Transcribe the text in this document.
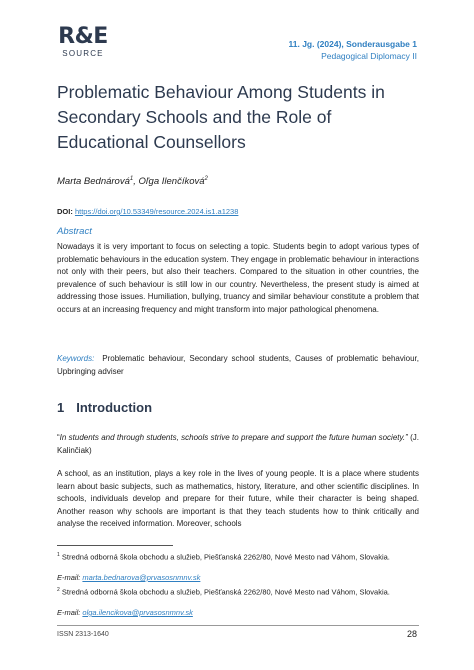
R&E
SOURCE
11. Jg. (2024), Sonderausgabe 1
Pedagogical Diplomacy II
Problematic Behaviour Among Students in Secondary Schools and the Role of Educational Counsellors
Marta Bednárová$^1$, Oľga Ilenčíková$^2$
DOI: https://doi.org/10.53349/resource.2024.is1.a1238
Abstract

Nowadays it is very important to focus on selecting a topic. Students begin to adopt various types of problematic behaviours in the education system. They engage in problematic behaviour in interactions not only with their peers, but also their teachers. Compared to the situation in other countries, the prevalence of such behaviour is still low in our country. Nevertheless, the present study is aimed at addressing those issues. Humiliation, bullying, truancy and similar behaviour constitute a problem that occurs at an increasing frequency and might transform into major pathological phenomena.

Keywords: Problematic behaviour, Secondary school students, Causes of problematic behaviour, Upbringing adviser

1 Introduction

“In students and through students, schools strive to prepare and support the future human society.” (J. Kalinčiak)

A school, as an institution, plays a key role in the lives of young people. It is a place where students learn about basic subjects, such as mathematics, history, literature, and other scientific disciplines. In schools, individuals develop and prepare for their future, while their character is being shaped. Another reason why schools are important is that they teach students how to think critically and analyse the received information. Moreover, schools

$^1$ Stredná odborná škola obchodu a služieb, Piešťanská 2262/80, Nové Mesto nad Váhom, Slovakia.
E-mail: marta.bednarova@prvasosnmnv.sk
$^2$ Stredná odborná škola obchodu a služieb, Piešťanská 2262/80, Nové Mesto nad Váhom, Slovakia.
E-mail: olga.ilencikova@prvasosnmnv.sk
ISSN 2313-1640	28
